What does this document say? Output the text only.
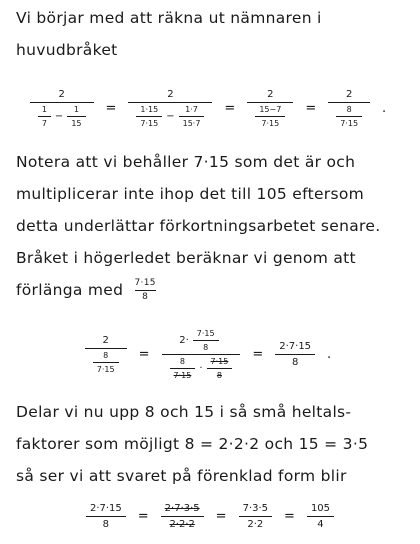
Vi börjar med att räkna ut nämnaren i
huvudbråket
2
$\frac{1}{7} - \frac{1}{15}$ =
2
$\frac{1\cdot 15}{7\cdot 15} - \frac{1\cdot 7}{15\cdot 7} = \frac{2}{\frac{15-7}{7\cdot 15}} = \frac{2}{\frac{8}{7\cdot 15}}$ .
Notera att vi behåller 7·15 som det är och
multiplicerar inte ihop det till 105 eftersom
detta underlättar förkortningsarbetet senare.
Bråket i högerledet beräknar vi genom att
förlänga med $\frac{7\cdot 15}{8}$
$\frac{2}{\frac{8}{7\cdot 15}}$ =
$2\cdot \frac{7\cdot 15}{8}$
$\frac{8}{7\cdot 15} \cdot \frac{7\cdot 15}{8}$
= $\frac{2\cdot 7\cdot 15}{8}$ .
Delar vi nu upp 8 och 15 i så små heltals-
faktorer som möjligt 8 = 2·2·2 och 15 = 3·5
så ser vi att svaret på förenklad form blir
$\frac{2\cdot 7\cdot 15}{8} = \frac{2\cdot 7\cdot 3\cdot 5}{2\cdot 2\cdot 2} = \frac{7\cdot 3\cdot 5}{2\cdot 2} = \frac{105}{4}$
